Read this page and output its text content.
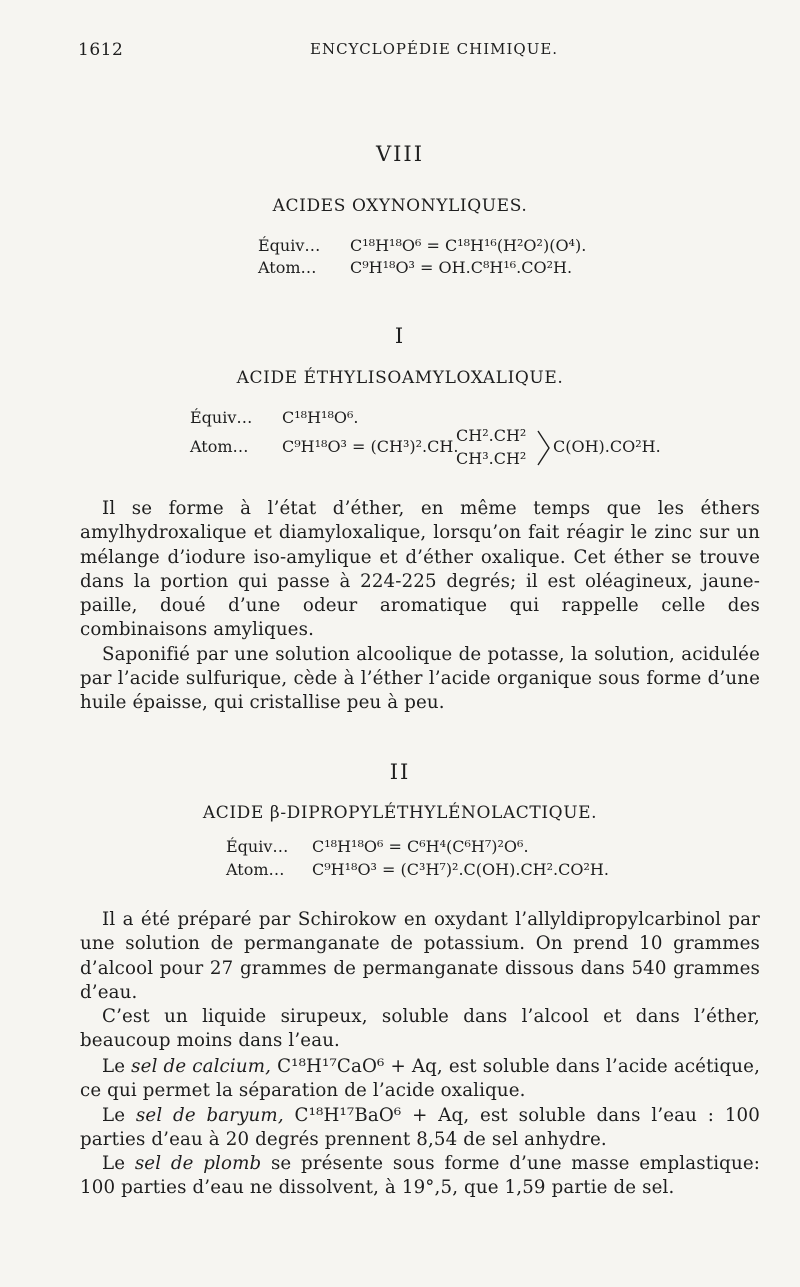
1612	ENCYCLOPÉDIE CHIMIQUE.
VIII
ACIDES OXYNONYLIQUES.
Équiv… C¹⁸H¹⁸O⁶ = C¹⁸H¹⁶(H²O²)(O⁴).
Atom… C⁹H¹⁸O³ = OH.C⁸H¹⁶.CO²H.
I
ACIDE ÉTHYLISOAMYLOXALIQUE.
Équiv… C¹⁸H¹⁸O⁶.
Atom… C⁹H¹⁸O³ = (CH³)².CH.
CH².CH²
CH³.CH²
C(OH).CO²H.

Il se forme à l’état d’éther, en même temps que les éthers amylhydroxalique et diamyloxalique, lorsqu’on fait réagir le zinc sur un mélange d’iodure iso-amylique et d’éther oxalique. Cet éther se trouve dans la portion qui passe à 224-225 degrés; il est oléagineux, jaune-paille, doué d’une odeur aromatique qui rappelle celle des combinaisons amyliques.

Saponifié par une solution alcoolique de potasse, la solution, acidulée par l’acide sulfurique, cède à l’éther l’acide organique sous forme d’une huile épaisse, qui cristallise peu à peu.

II
ACIDE β-DIPROPYLÉTHYLÉNOLACTIQUE.
Équiv… C¹⁸H¹⁸O⁶ = C⁶H⁴(C⁶H⁷)²O⁶.
Atom… C⁹H¹⁸O³ = (C³H⁷)².C(OH).CH².CO²H.

Il a été préparé par Schirokow en oxydant l’allyldipropylcarbinol par une solution de permanganate de potassium. On prend 10 grammes d’alcool pour 27 grammes de permanganate dissous dans 540 grammes d’eau.

C’est un liquide sirupeux, soluble dans l’alcool et dans l’éther, beaucoup moins dans l’eau.

Le sel de calcium, C¹⁸H¹⁷CaO⁶ + Aq, est soluble dans l’acide acétique, ce qui permet la séparation de l’acide oxalique.

Le sel de baryum, C¹⁸H¹⁷BaO⁶ + Aq, est soluble dans l’eau : 100 parties d’eau à 20 degrés prennent 8,54 de sel anhydre.

Le sel de plomb se présente sous forme d’une masse emplastique: 100 parties d’eau ne dissolvent, à 19°,5, que 1,59 partie de sel.
